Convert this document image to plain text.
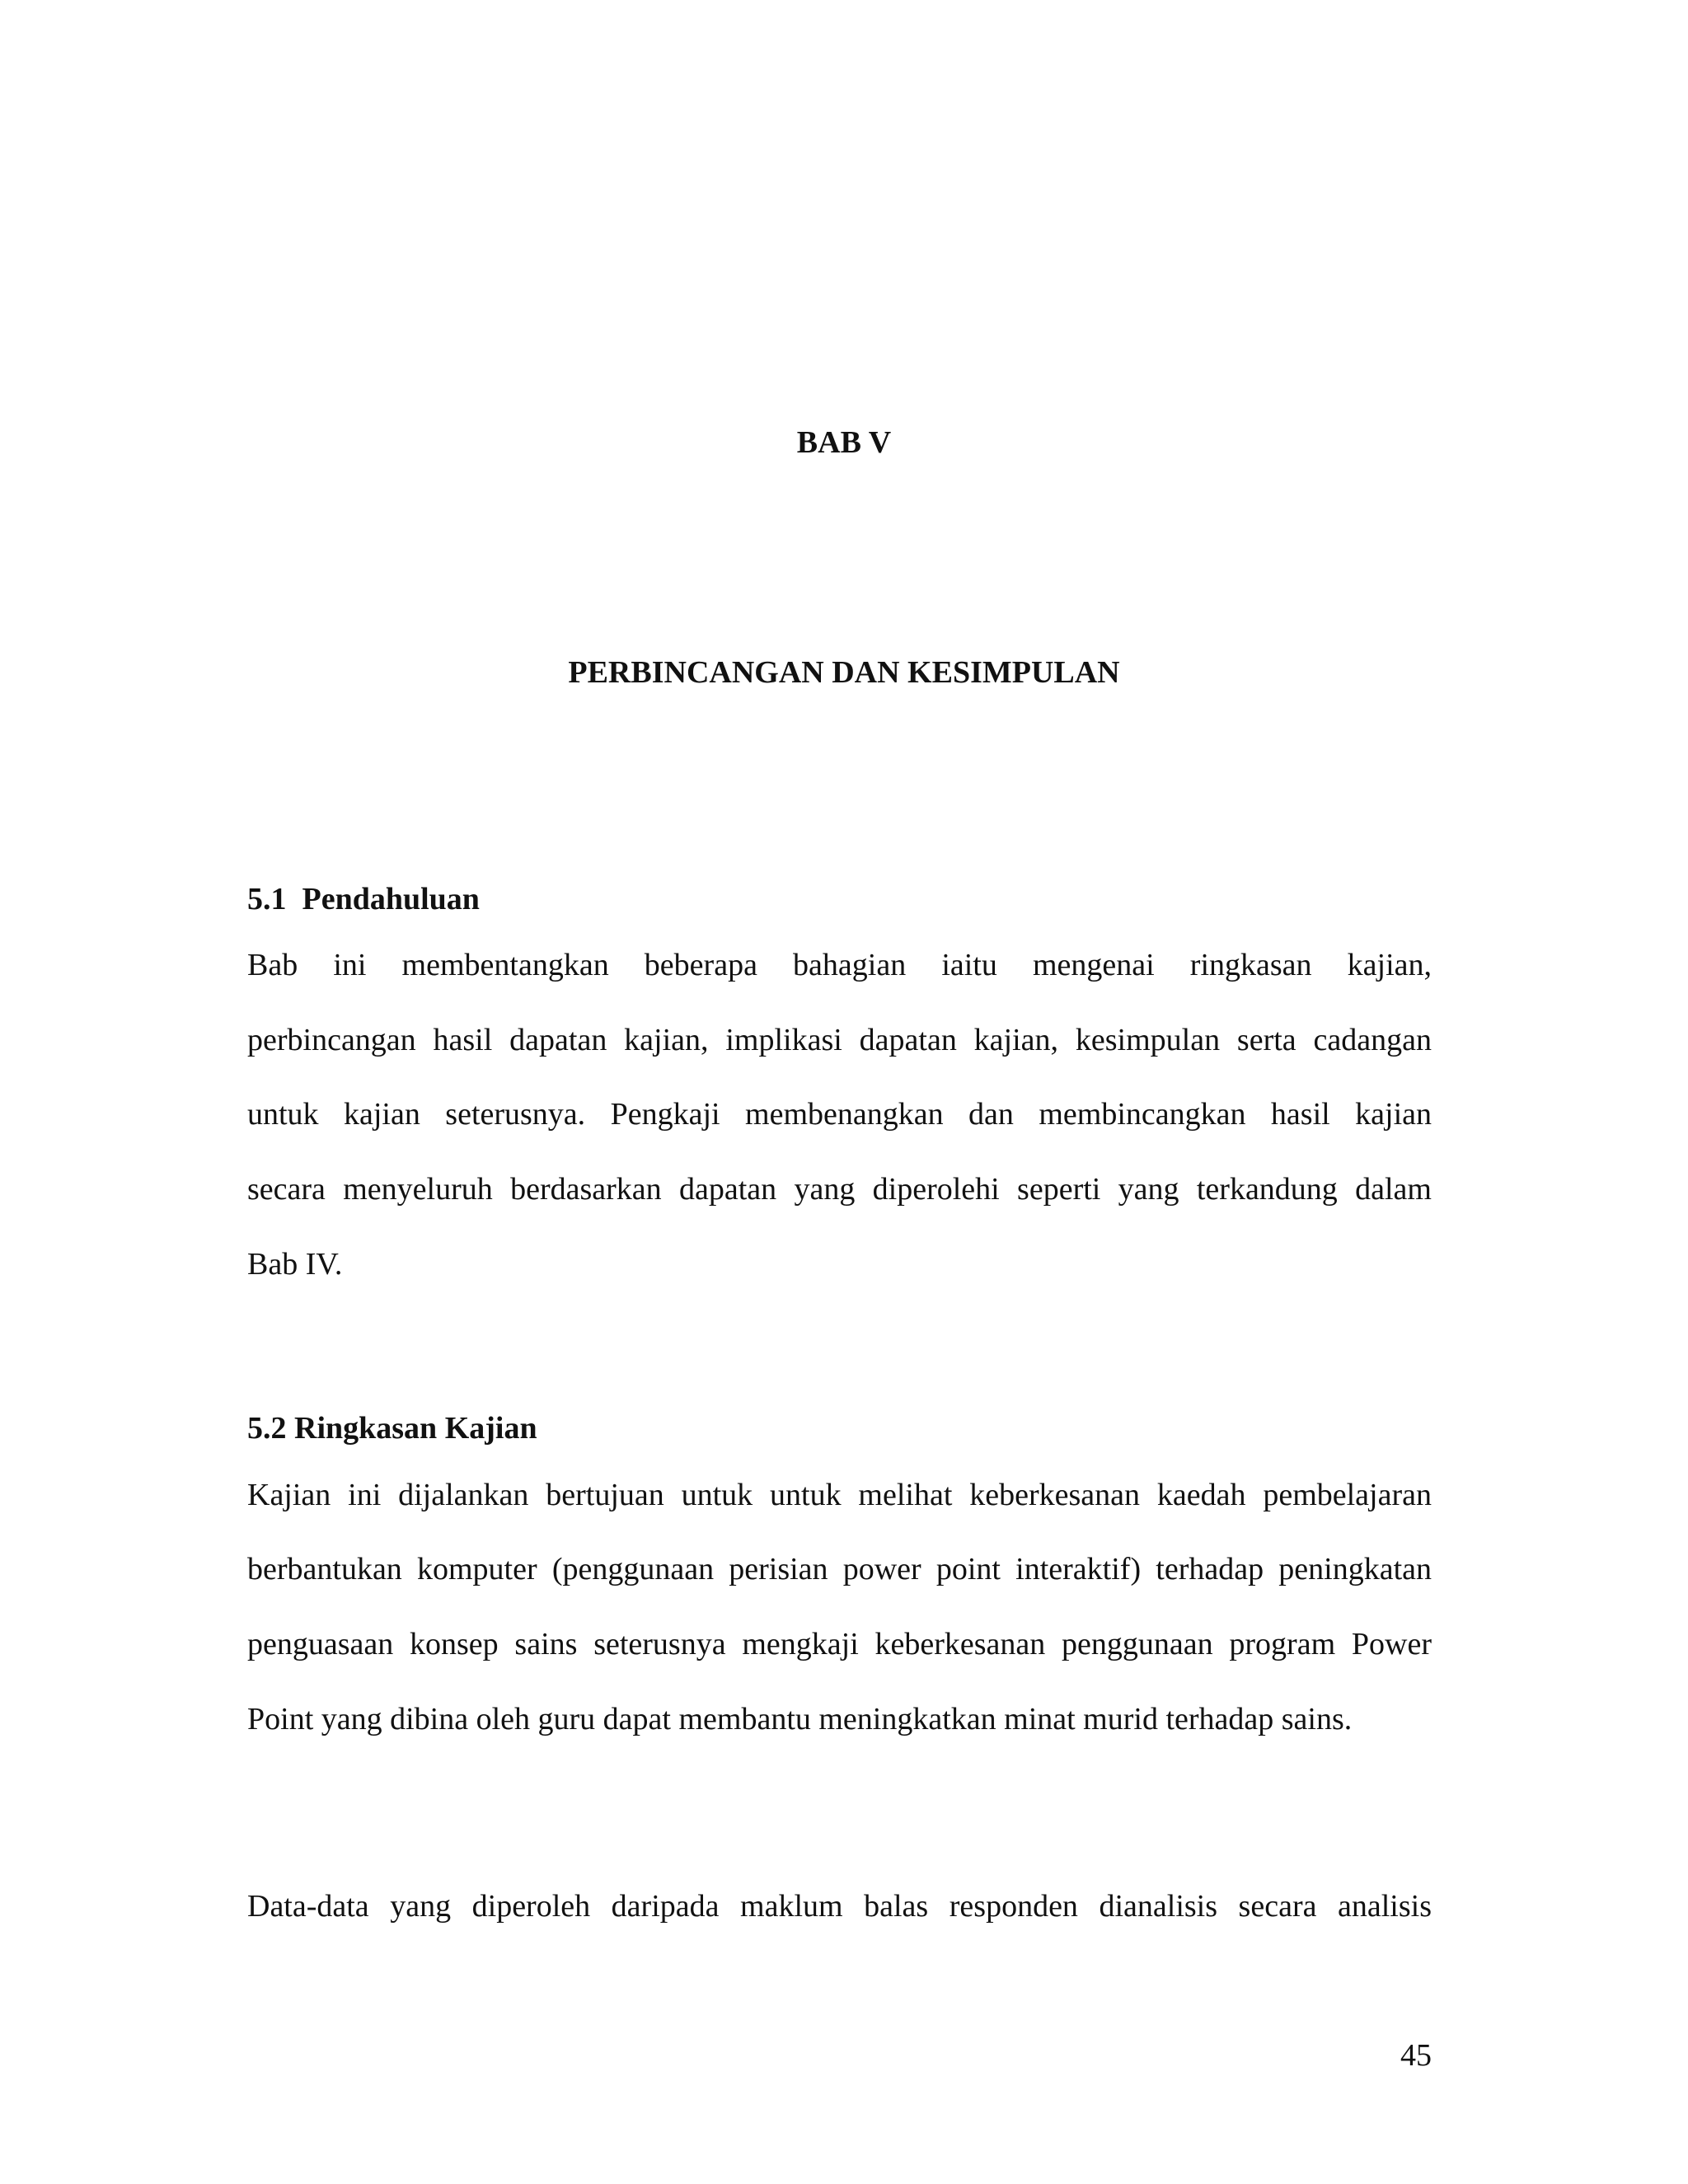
BAB V
PERBINCANGAN DAN KESIMPULAN
5.1  Pendahuluan

Bab ini membentangkan beberapa bahagian iaitu mengenai ringkasan kajian,

perbincangan hasil dapatan kajian, implikasi dapatan kajian, kesimpulan serta cadangan

untuk kajian seterusnya. Pengkaji membenangkan dan membincangkan hasil kajian

secara menyeluruh berdasarkan dapatan yang diperolehi seperti yang terkandung dalam

Bab IV.

5.2 Ringkasan Kajian

Kajian ini dijalankan bertujuan untuk untuk melihat keberkesanan kaedah pembelajaran

berbantukan komputer (penggunaan perisian power point interaktif) terhadap peningkatan

penguasaan konsep sains seterusnya mengkaji keberkesanan penggunaan program Power

Point yang dibina oleh guru dapat membantu meningkatkan minat murid terhadap sains.

Data-data yang diperoleh daripada maklum balas responden dianalisis secara analisis

45
